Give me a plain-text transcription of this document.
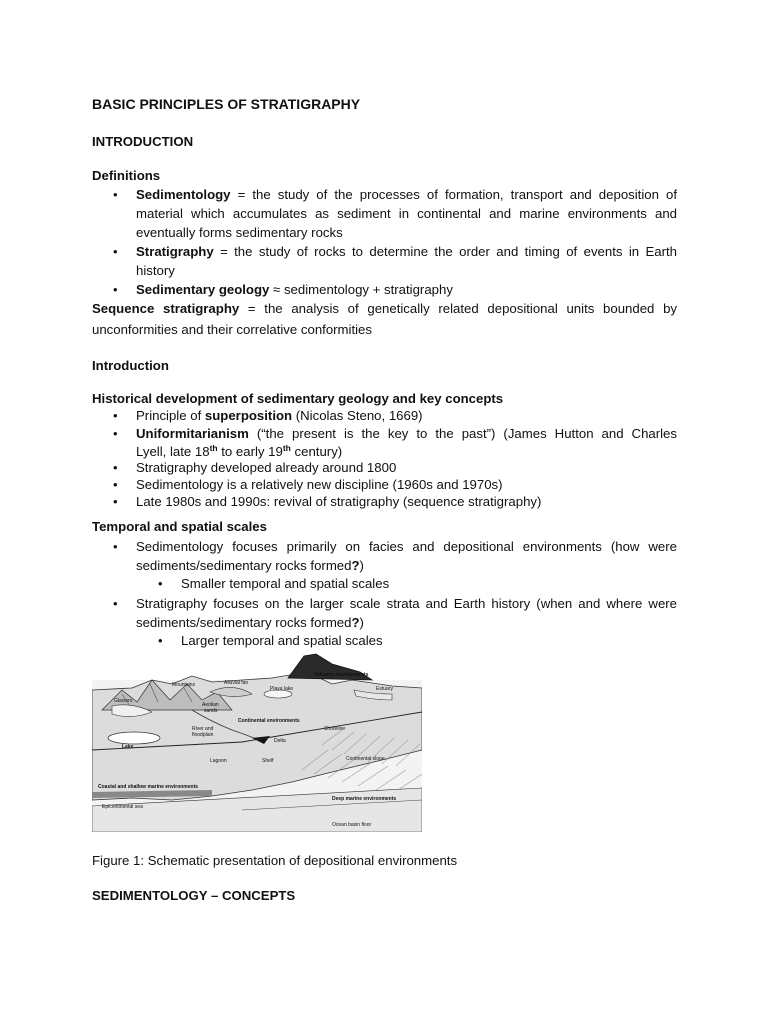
BASIC PRINCIPLES OF STRATIGRAPHY
INTRODUCTION
Definitions
• Sedimentology = the study of the processes of formation, transport and deposition of
material which accumulates as sediment in continental and marine environments and
eventually forms sedimentary rocks
• Stratigraphy = the study of rocks to determine the order and timing of events in Earth
history
• Sedimentary geology ≈ sedimentology + stratigraphy
Sequence stratigraphy = the analysis of genetically related depositional units bounded by
unconformities and their correlative conformities
Introduction
Historical development of sedimentary geology and key concepts
• Principle of superposition (Nicolas Steno, 1669)
• Uniformitarianism (“the present is the key to the past”) (James Hutton and Charles
Lyell, late 18th to early 19th century)
• Stratigraphy developed already around 1800
• Sedimentology is a relatively new discipline (1960s and 1970s)
• Late 1980s and 1990s: revival of stratigraphy (sequence stratigraphy)
Temporal and spatial scales
• Sedimentology focuses primarily on facies and depositional environments (how were
sediments/sedimentary rocks formed?)
• Smaller temporal and spatial scales
• Stratigraphy focuses on the larger scale strata and Earth history (when and where were
sediments/sedimentary rocks formed?)
• Larger temporal and spatial scales
Mountains	Alluvial fan
Playa lake
Volcanic environments
Glaciers
Aeolian
sands
Estuary
Continental environments
River and
floodplain
Shoreline
Delta
Lake
Lagoon	Shelf	Continental slope
Coastal and shallow marine environments
Deep marine environments
Epicontinental sea
Ocean basin floor
Figure 1: Schematic presentation of depositional environments
SEDIMENTOLOGY – CONCEPTS
